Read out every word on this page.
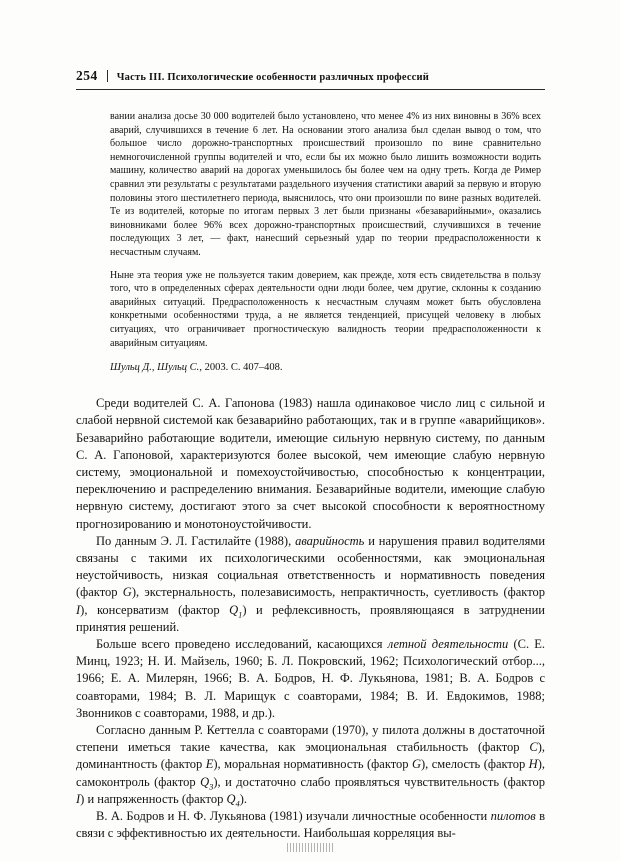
254 Часть III. Психологические особенности различных профессий

вании анализа досье 30 000 водителей было установлено, что менее 4% из них виновны в 36% всех аварий, случившихся в течение 6 лет. На основании этого анализа был сделан вывод о том, что большое число дорожно-транспортных происшествий произошло по вине сравнительно немногочисленной группы водителей и что, если бы их можно было лишить возможности водить машину, количество аварий на дорогах уменьшилось бы более чем на одну треть. Когда де Ример сравнил эти результаты с результатами раздельного изучения статистики аварий за первую и вторую половины этого шестилетнего периода, выяснилось, что они произошли по вине разных водителей. Те из водителей, которые по итогам первых 3 лет были признаны «безаварийными», оказались виновниками более 96% всех дорожно-транспортных происшествий, случившихся в течение последующих 3 лет, — факт, нанесший серьезный удар по теории предрасположенности к несчастным случаям.

Ныне эта теория уже не пользуется таким доверием, как прежде, хотя есть свидетельства в пользу того, что в определенных сферах деятельности одни люди более, чем другие, склонны к созданию аварийных ситуаций. Предрасположенность к несчастным случаям может быть обусловлена конкретными особенностями труда, а не является тенденцией, присущей человеку в любых ситуациях, что ограничивает прогностическую валидность теории предрасположенности к аварийным ситуациям.

Шульц Д., Шульц С., 2003. С. 407–408.

Среди водителей С. А. Гапонова (1983) нашла одинаковое число лиц с сильной и слабой нервной системой как безаварийно работающих, так и в группе «аварийщиков». Безаварийно работающие водители, имеющие сильную нервную систему, по данным С. А. Гапоновой, характеризуются более высокой, чем имеющие слабую нервную систему, эмоциональной и помехоустойчивостью, способностью к концентрации, переключению и распределению внимания. Безаварийные водители, имеющие слабую нервную систему, достигают этого за счет высокой способности к вероятностному прогнозированию и монотоноустойчивости.

По данным Э. Л. Гастилайте (1988), аварийность и нарушения правил водителями связаны с такими их психологическими особенностями, как эмоциональная неустойчивость, низкая социальная ответственность и нормативность поведения (фактор G), экстернальность, полезависимость, непрактичность, суетливость (фактор I), консерватизм (фактор $Q_1$) и рефлексивность, проявляющаяся в затруднении принятия решений.

Больше всего проведено исследований, касающихся летной деятельности (С. Е. Минц, 1923; Н. И. Майзель, 1960; Б. Л. Покровский, 1962; Психологический отбор..., 1966; Е. А. Милерян, 1966; В. А. Бодров, Н. Ф. Лукьянова, 1981; В. А. Бодров с соавторами, 1984; В. Л. Марищук с соавторами, 1984; В. И. Евдокимов, 1988; Звонников с соавторами, 1988, и др.).

Согласно данным Р. Кеттелла с соавторами (1970), у пилота должны в достаточной степени иметься такие качества, как эмоциональная стабильность (фактор C), доминантность (фактор E), моральная нормативность (фактор G), смелость (фактор H), самоконтроль (фактор $Q_3$), и достаточно слабо проявляться чувствительность (фактор I) и напряженность (фактор $Q_4$).

В. А. Бодров и Н. Ф. Лукьянова (1981) изучали личностные особенности пилотов в связи с эффективностью их деятельности. Наибольшая корреляция вы-
